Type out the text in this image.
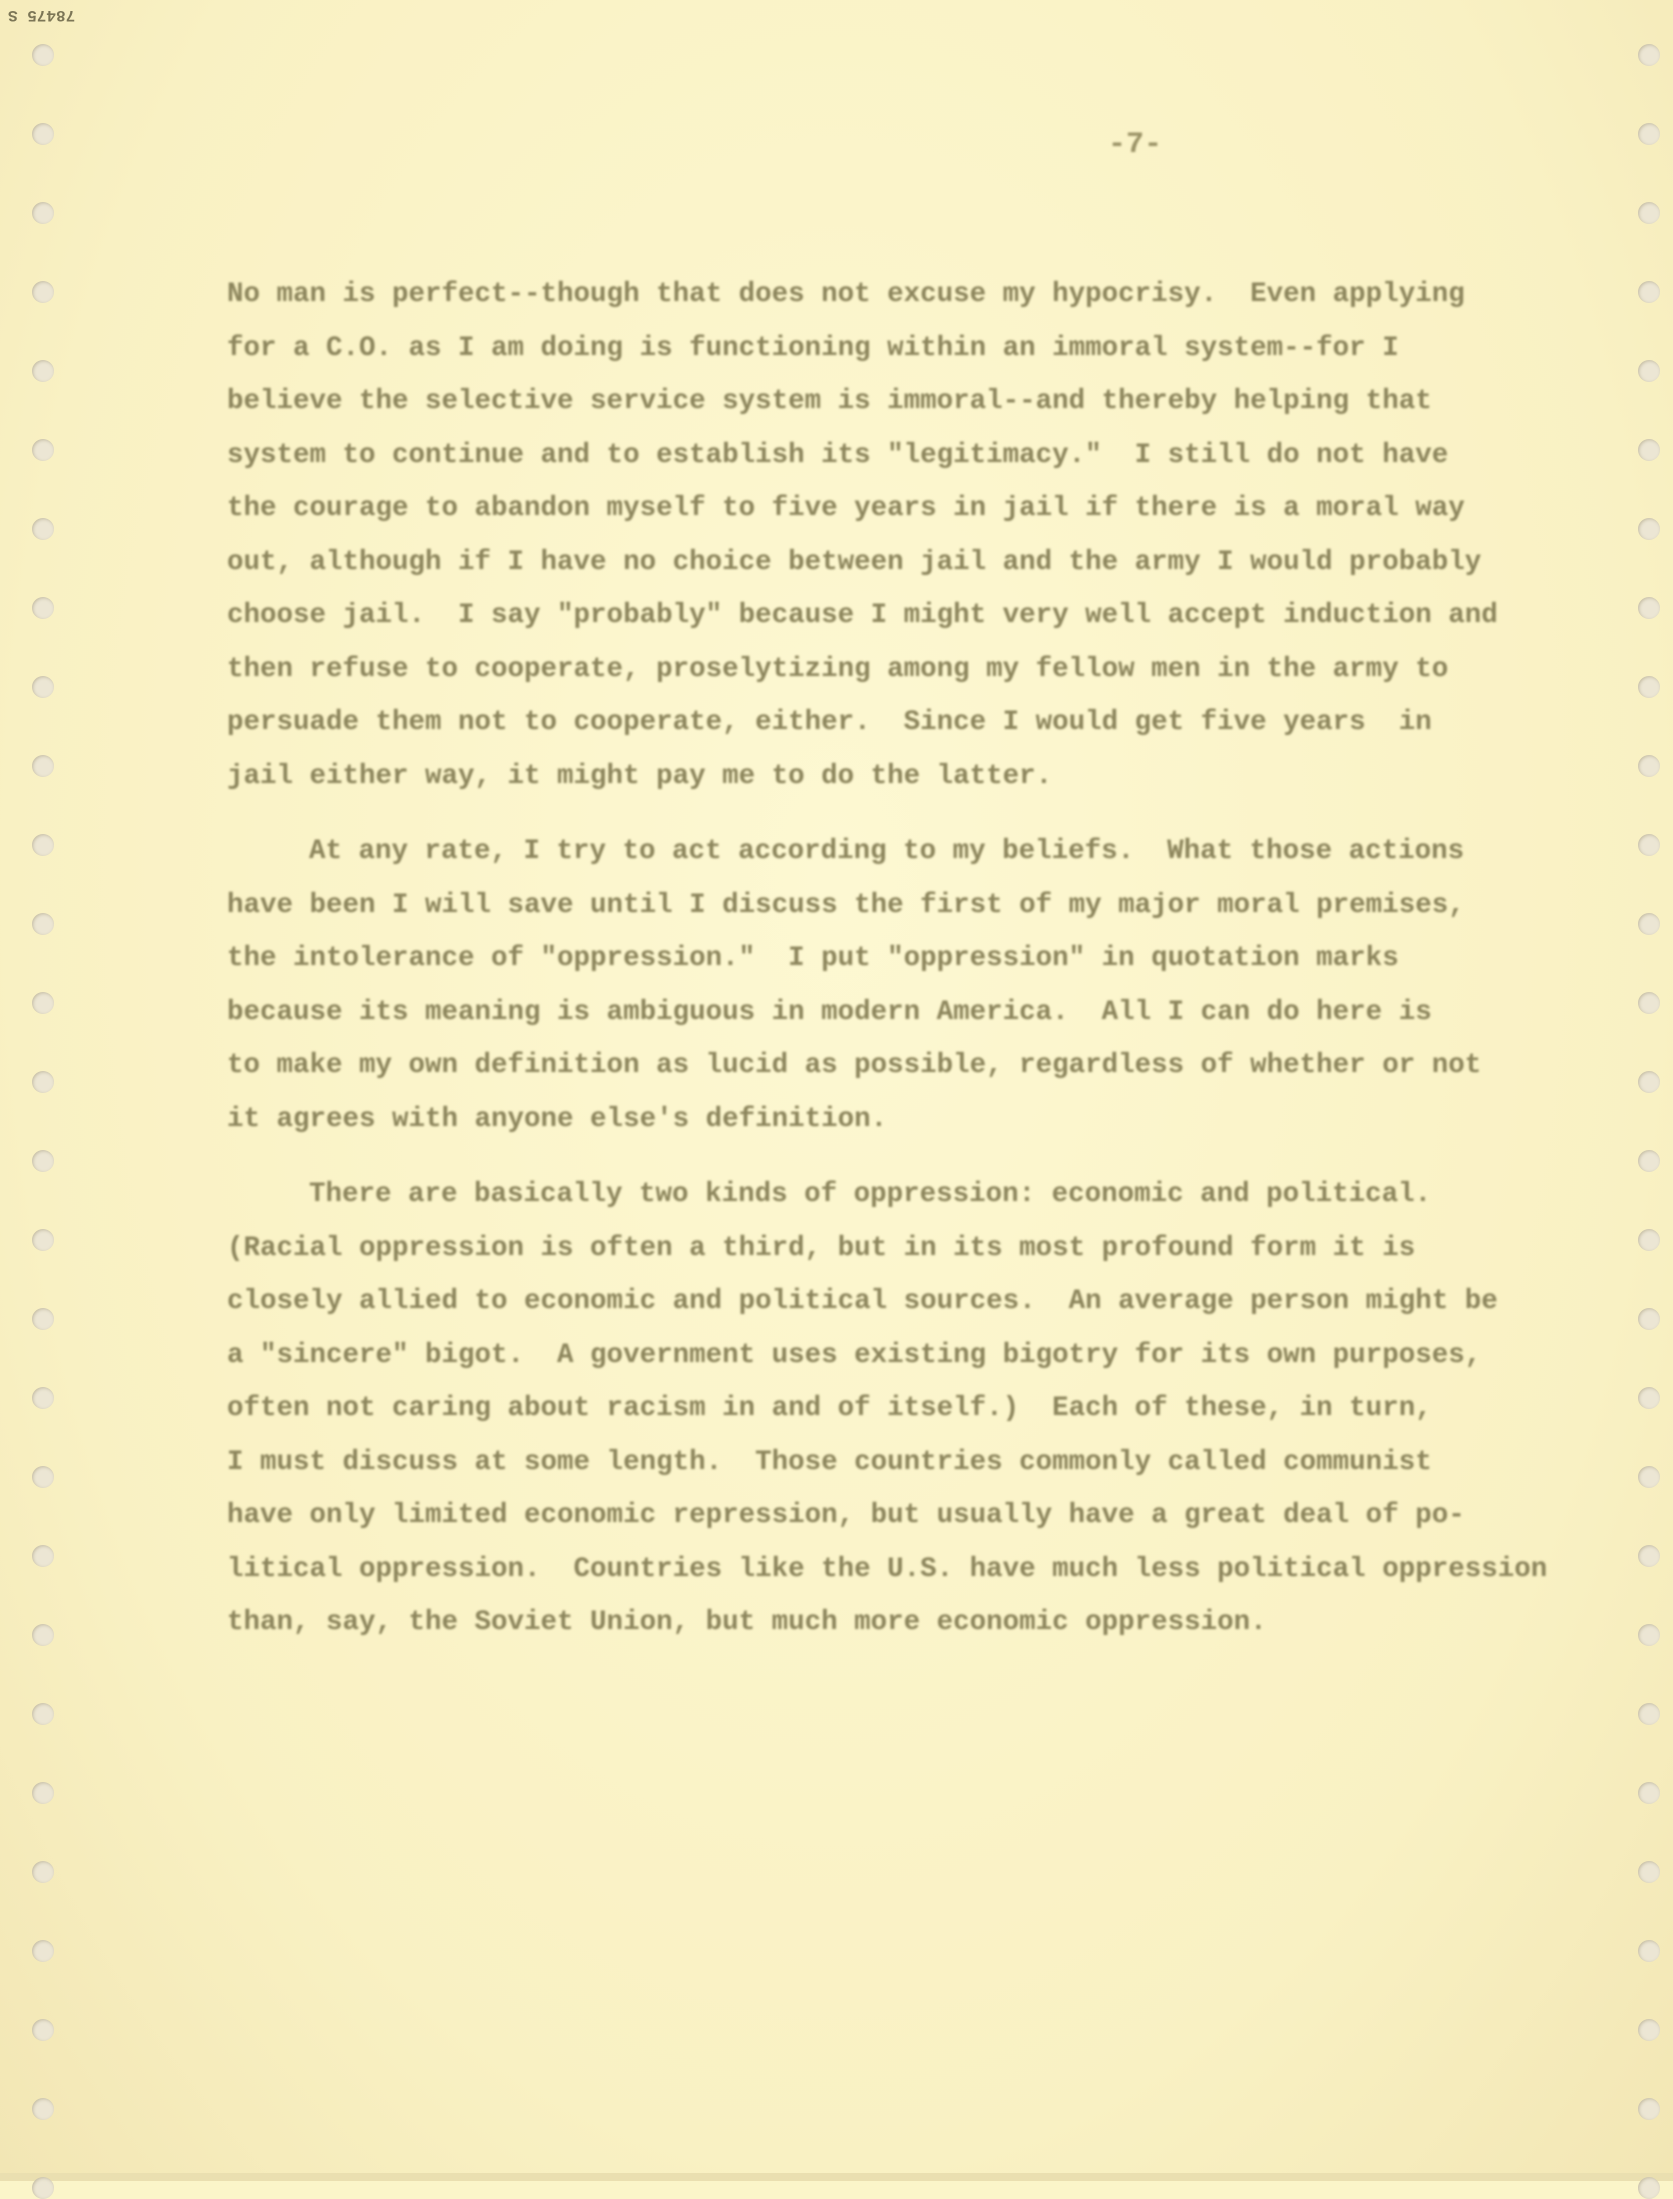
78475 S
-7-
No man is perfect--though that does not excuse my hypocrisy.  Even applying
for a C.O. as I am doing is functioning within an immoral system--for I
believe the selective service system is immoral--and thereby helping that
system to continue and to establish its "legitimacy."  I still do not have
the courage to abandon myself to five years in jail if there is a moral way
out, although if I have no choice between jail and the army I would probably
choose jail.  I say "probably" because I might very well accept induction and
then refuse to cooperate, proselytizing among my fellow men in the army to
persuade them not to cooperate, either.  Since I would get five years  in
jail either way, it might pay me to do the latter.
At any rate, I try to act according to my beliefs.  What those actions
have been I will save until I discuss the first of my major moral premises,
the intolerance of "oppression."  I put "oppression" in quotation marks
because its meaning is ambiguous in modern America.  All I can do here is
to make my own definition as lucid as possible, regardless of whether or not
it agrees with anyone else's definition.
There are basically two kinds of oppression: economic and political.
(Racial oppression is often a third, but in its most profound form it is
closely allied to economic and political sources.  An average person might be
a "sincere" bigot.  A government uses existing bigotry for its own purposes,
often not caring about racism in and of itself.)  Each of these, in turn,
I must discuss at some length.  Those countries commonly called communist
have only limited economic repression, but usually have a great deal of po-
litical oppression.  Countries like the U.S. have much less political oppression
than, say, the Soviet Union, but much more economic oppression.
